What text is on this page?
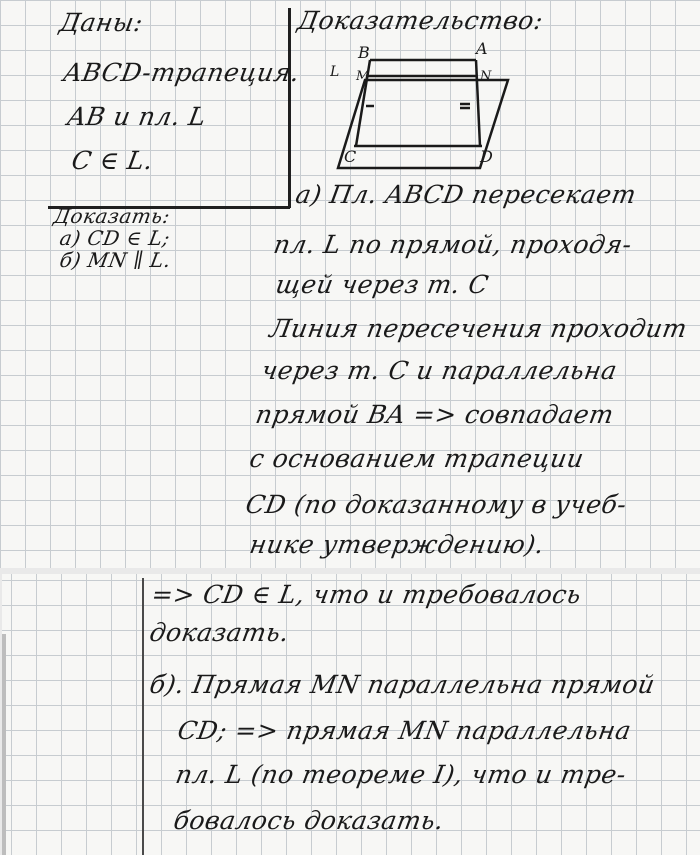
Даны:
ABCD-трапеция.
AB и пл. L
C ∈ L.
Доказать:
а) CD ∈ L;
б) MN ∥ L.
Доказательство:
B	A
M	N
C	D
L
а) Пл. ABCD пересекает
пл. L по прямой, проходя-
щей через т. C
Линия пересечения проходит
через т. C и параллельна
прямой BA => совпадает
с основанием трапеции
CD (по доказанному в учеб-
нике утверждению).
=> CD ∈ L, что и требовалось
доказать.
б). Прямая MN параллельна прямой
CD; => прямая MN параллельна
пл. L (по теореме I), что и тре-
бовалось доказать.
